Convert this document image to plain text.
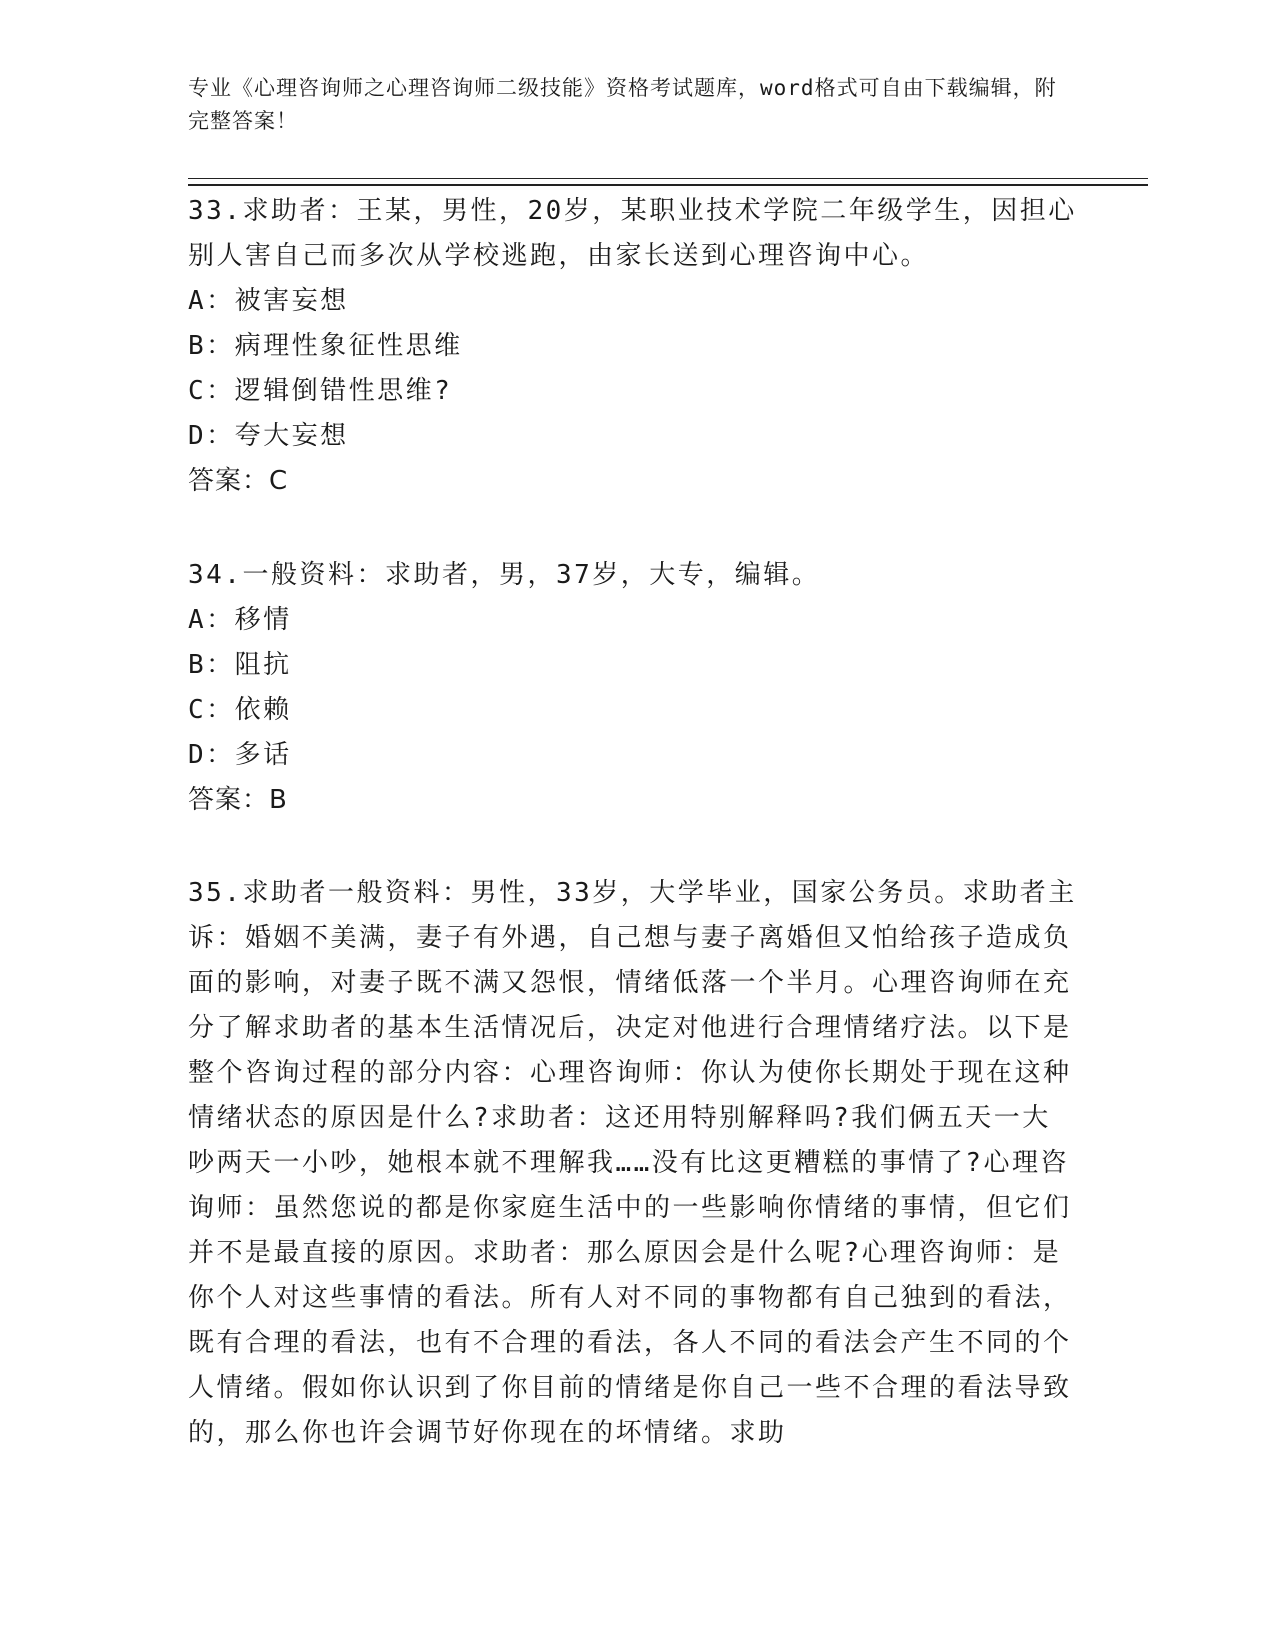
专业《心理咨询师之心理咨询师二级技能》资格考试题库，word格式可自由下载编辑，附完整答案！

33.求助者：王某，男性，20岁，某职业技术学院二年级学生，因担心别人害自己而多次从学校逃跑，由家长送到心理咨询中心。

A：被害妄想

B：病理性象征性思维

C：逻辑倒错性思维?

D：夸大妄想

答案：C

34.一般资料：求助者，男，37岁，大专，编辑。

A：移情

B：阻抗

C：依赖

D：多话

答案：B

35.求助者一般资料：男性，33岁，大学毕业，国家公务员。求助者主诉：婚姻不美满，妻子有外遇，自己想与妻子离婚但又怕给孩子造成负面的影响，对妻子既不满又怨恨，情绪低落一个半月。心理咨询师在充分了解求助者的基本生活情况后，决定对他进行合理情绪疗法。以下是整个咨询过程的部分内容：心理咨询师：你认为使你长期处于现在这种情绪状态的原因是什么?求助者：这还用特别解释吗?我们俩五天一大吵两天一小吵，她根本就不理解我……没有比这更糟糕的事情了?心理咨询师：虽然您说的都是你家庭生活中的一些影响你情绪的事情，但它们并不是最直接的原因。求助者：那么原因会是什么呢?心理咨询师：是你个人对这些事情的看法。所有人对不同的事物都有自己独到的看法，既有合理的看法，也有不合理的看法，各人不同的看法会产生不同的个人情绪。假如你认识到了你目前的情绪是你自己一些不合理的看法导致的，那么你也许会调节好你现在的坏情绪。求助
